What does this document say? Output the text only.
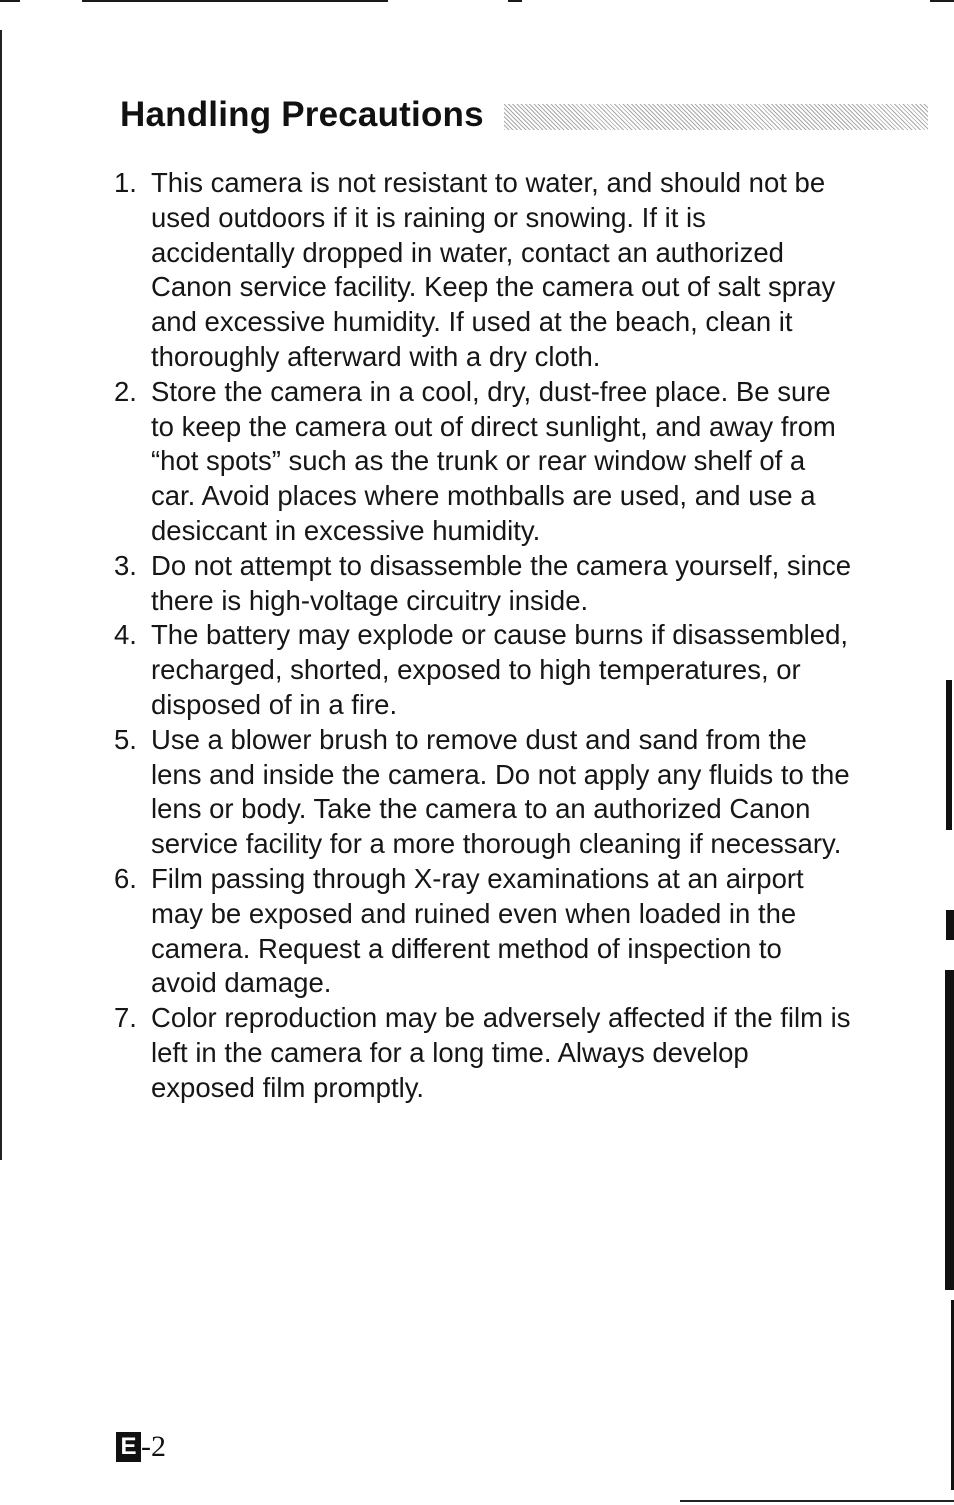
Handling Precautions
1. This camera is not resistant to water, and should not be used outdoors if it is raining or snowing. If it is accidentally dropped in water, contact an authorized Canon service facility. Keep the camera out of salt spray and excessive humidity. If used at the beach, clean it thoroughly afterward with a dry cloth.
2. Store the camera in a cool, dry, dust-free place. Be sure to keep the camera out of direct sunlight, and away from “hot spots” such as the trunk or rear window shelf of a car. Avoid places where mothballs are used, and use a desiccant in excessive humidity.
3. Do not attempt to disassemble the camera yourself, since there is high-voltage circuitry inside.
4. The battery may explode or cause burns if disassembled, recharged, shorted, exposed to high temperatures, or disposed of in a fire.
5. Use a blower brush to remove dust and sand from the lens and inside the camera. Do not apply any fluids to the lens or body. Take the camera to an authorized Canon service facility for a more thorough cleaning if necessary.
6. Film passing through X-ray examinations at an airport may be exposed and ruined even when loaded in the camera. Request a different method of inspection to avoid damage.
7. Color reproduction may be adversely affected if the film is left in the camera for a long time. Always develop exposed film promptly.
E -2
